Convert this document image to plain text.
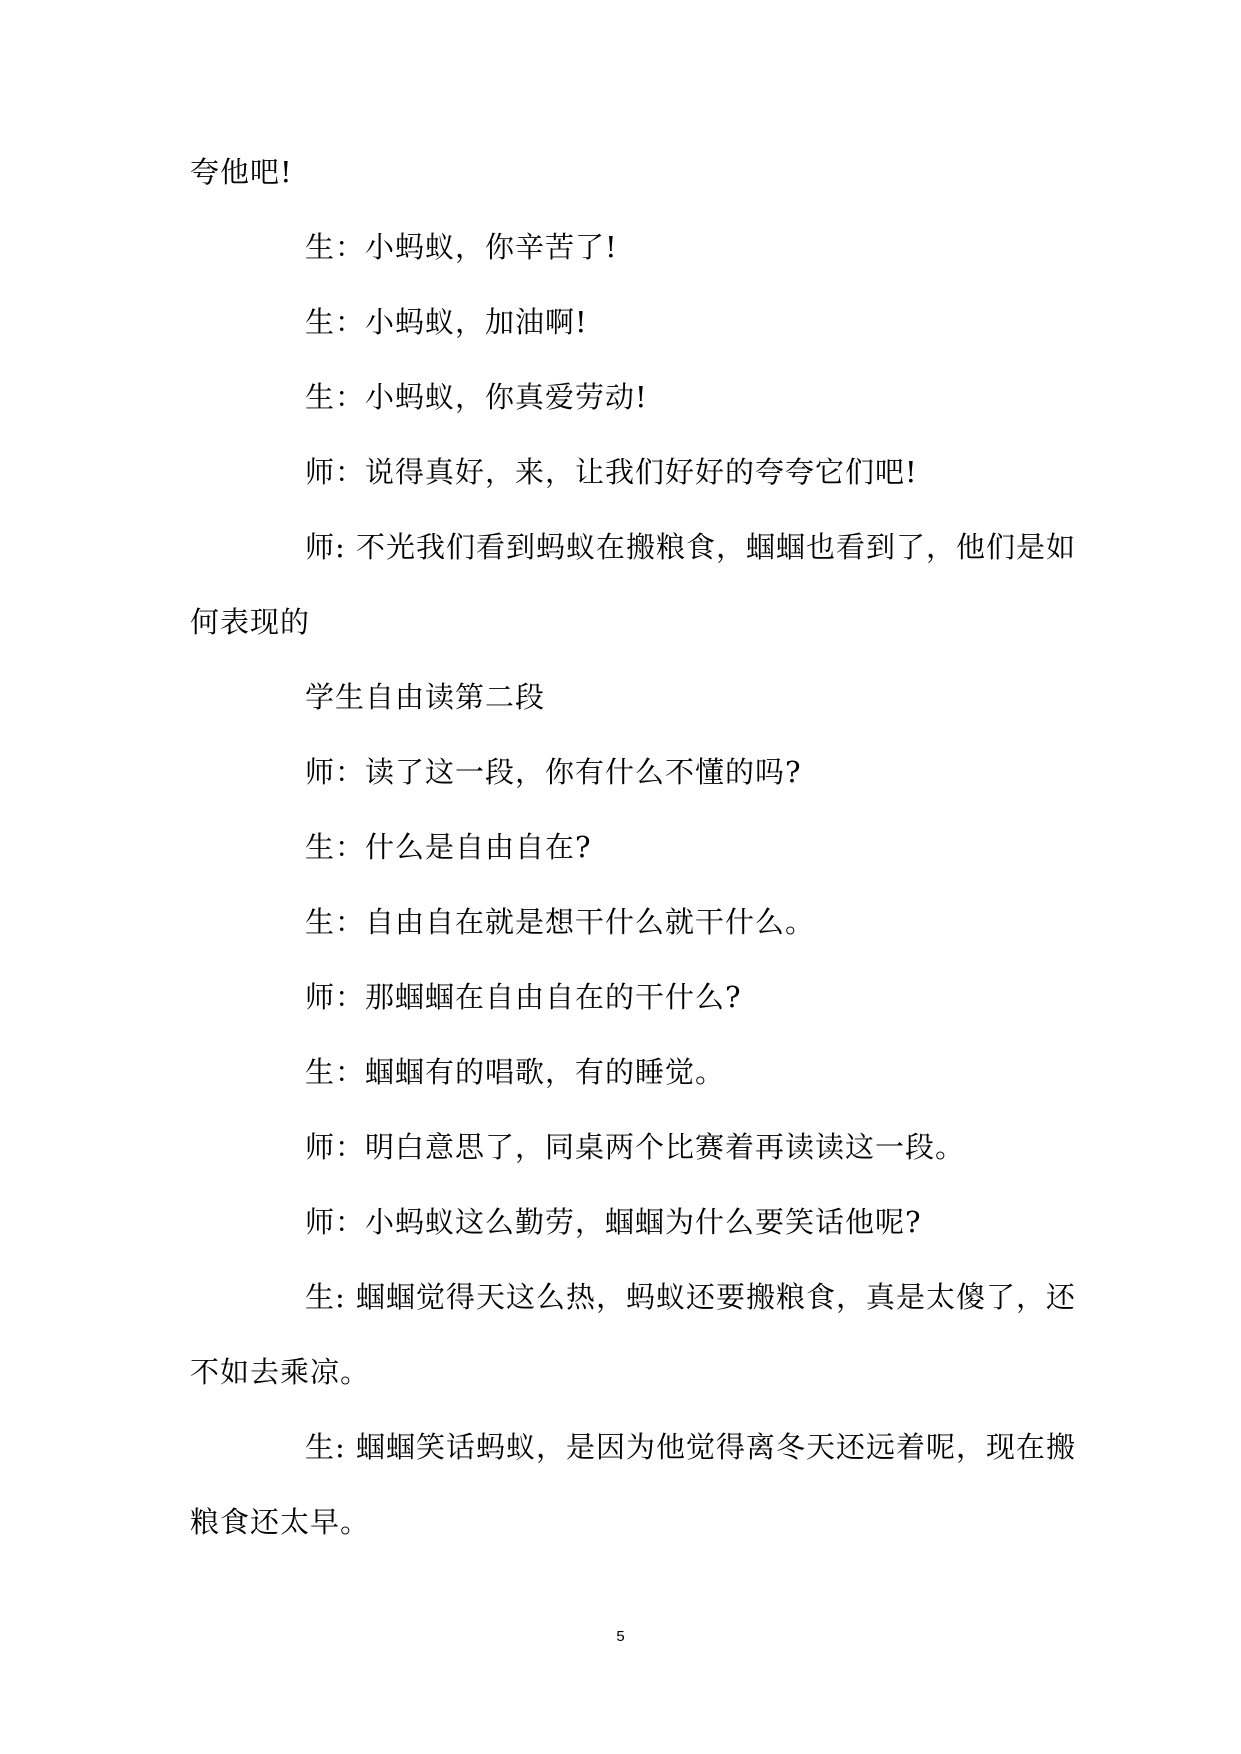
夸他吧!
生：小蚂蚁，你辛苦了!
生：小蚂蚁，加油啊!
生：小蚂蚁，你真爱劳动!
师：说得真好，来，让我们好好的夸夸它们吧!
师: 不光我们看到蚂蚁在搬粮食，蝈蝈也看到了，他们是如
何表现的
学生自由读第二段
师：读了这一段，你有什么不懂的吗?
生：什么是自由自在?
生：自由自在就是想干什么就干什么。
师：那蝈蝈在自由自在的干什么?
生：蝈蝈有的唱歌，有的睡觉。
师：明白意思了，同桌两个比赛着再读读这一段。
师：小蚂蚁这么勤劳，蝈蝈为什么要笑话他呢?
生: 蝈蝈觉得天这么热，蚂蚁还要搬粮食，真是太傻了，还
不如去乘凉。
生: 蝈蝈笑话蚂蚁，是因为他觉得离冬天还远着呢，现在搬
粮食还太早。
5
